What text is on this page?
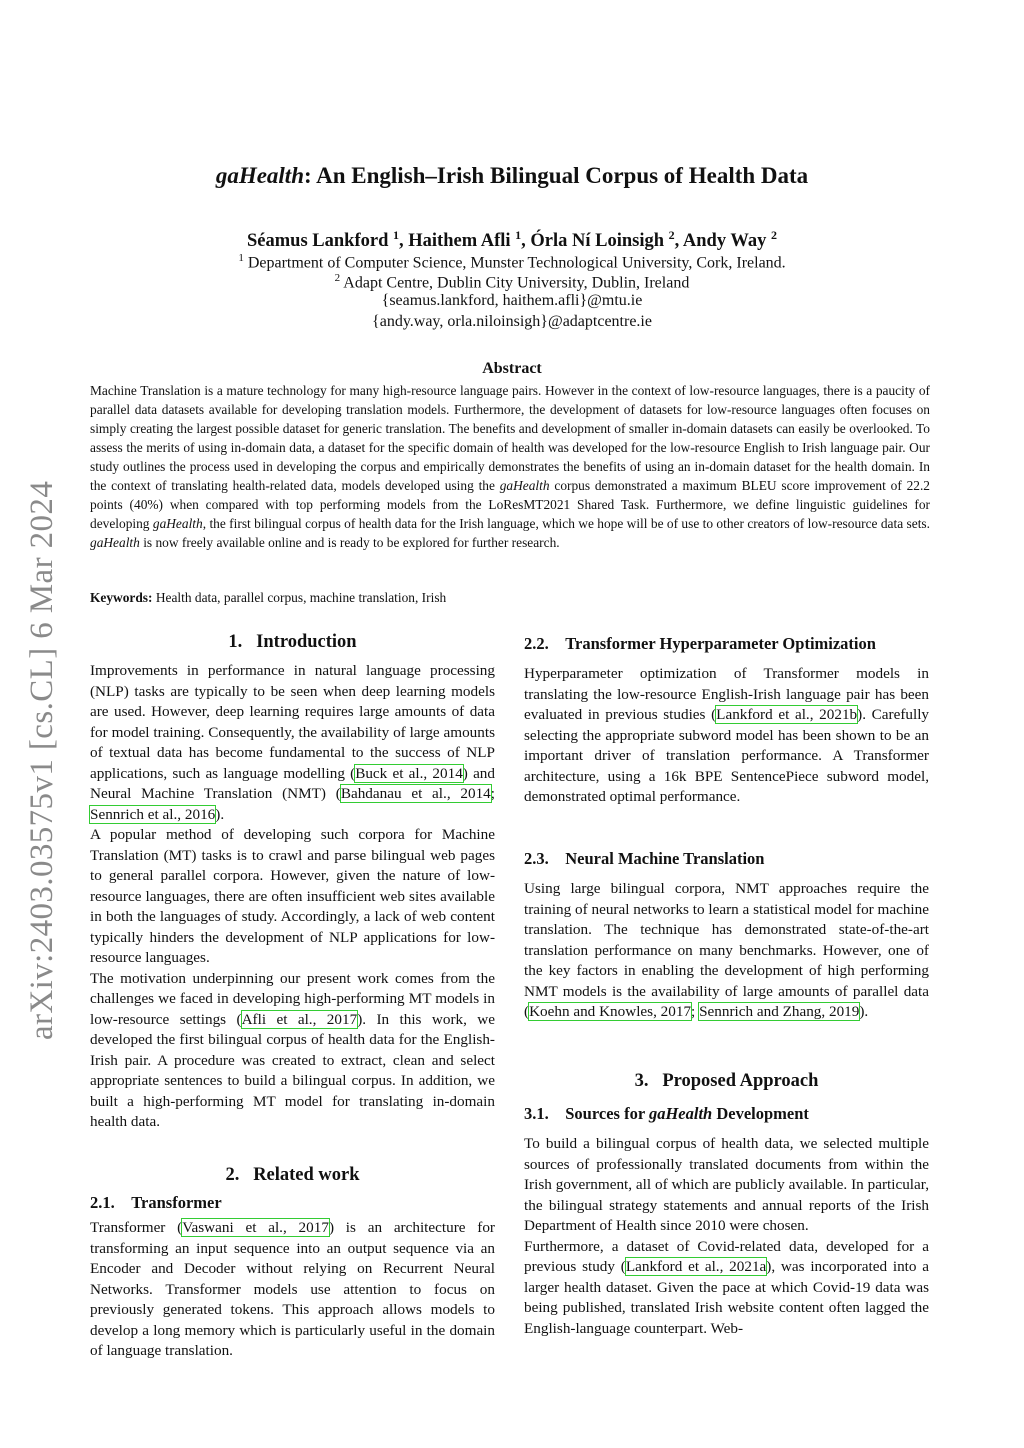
arXiv:2403.03575v1 [cs.CL] 6 Mar 2024
gaHealth: An English–Irish Bilingual Corpus of Health Data
Séamus Lankford $^1$, Haithem Afli $^1$, Órla Ní Loinsigh $^2$, Andy Way $^2$
$^1$ Department of Computer Science, Munster Technological University, Cork, Ireland.
$^2$ Adapt Centre, Dublin City University, Dublin, Ireland
{seamus.lankford, haithem.afli}@mtu.ie
{andy.way, orla.niloinsigh}@adaptcentre.ie
Abstract

Machine Translation is a mature technology for many high-resource language pairs. However in the context of low-resource languages, there is a paucity of parallel data datasets available for developing translation models. Furthermore, the development of datasets for low-resource languages often focuses on simply creating the largest possible dataset for generic translation. The benefits and development of smaller in-domain datasets can easily be overlooked. To assess the merits of using in-domain data, a dataset for the specific domain of health was developed for the low-resource English to Irish language pair. Our study outlines the process used in developing the corpus and empirically demonstrates the benefits of using an in-domain dataset for the health domain. In the context of translating health-related data, models developed using the gaHealth corpus demonstrated a maximum BLEU score improvement of 22.2 points (40%) when compared with top performing models from the LoResMT2021 Shared Task. Furthermore, we define linguistic guidelines for developing gaHealth, the first bilingual corpus of health data for the Irish language, which we hope will be of use to other creators of low-resource data sets. gaHealth is now freely available online and is ready to be explored for further research.

Keywords: Health data, parallel corpus, machine translation, Irish

1. Introduction

Improvements in performance in natural language processing (NLP) tasks are typically to be seen when deep learning models are used. However, deep learning requires large amounts of data for model training. Consequently, the availability of large amounts of textual data has become fundamental to the success of NLP applications, such as language modelling (Buck et al., 2014) and Neural Machine Translation (NMT) (Bahdanau et al., 2014; Sennrich et al., 2016).

A popular method of developing such corpora for Machine Translation (MT) tasks is to crawl and parse bilingual web pages to general parallel corpora. However, given the nature of low-resource languages, there are often insufficient web sites available in both the languages of study. Accordingly, a lack of web content typically hinders the development of NLP applications for low-resource languages.

The motivation underpinning our present work comes from the challenges we faced in developing high-performing MT models in low-resource settings (Afli et al., 2017). In this work, we developed the first bilingual corpus of health data for the English-Irish pair. A procedure was created to extract, clean and select appropriate sentences to build a bilingual corpus. In addition, we built a high-performing MT model for translating in-domain health data.

2. Related work
2.1. Transformer

Transformer (Vaswani et al., 2017) is an architecture for transforming an input sequence into an output sequence via an Encoder and Decoder without relying on Recurrent Neural Networks. Transformer models use attention to focus on previously generated tokens. This approach allows models to develop a long memory which is particularly useful in the domain of language translation.

2.2. Transformer Hyperparameter Optimization

Hyperparameter optimization of Transformer models in translating the low-resource English-Irish language pair has been evaluated in previous studies (Lankford et al., 2021b). Carefully selecting the appropriate subword model has been shown to be an important driver of translation performance. A Transformer architecture, using a 16k BPE SentencePiece subword model, demonstrated optimal performance.

2.3. Neural Machine Translation

Using large bilingual corpora, NMT approaches require the training of neural networks to learn a statistical model for machine translation. The technique has demonstrated state-of-the-art translation performance on many benchmarks. However, one of the key factors in enabling the development of high performing NMT models is the availability of large amounts of parallel data (Koehn and Knowles, 2017; Sennrich and Zhang, 2019).

3. Proposed Approach
3.1. Sources for gaHealth Development

To build a bilingual corpus of health data, we selected multiple sources of professionally translated documents from within the Irish government, all of which are publicly available. In particular, the bilingual strategy statements and annual reports of the Irish Department of Health since 2010 were chosen.

Furthermore, a dataset of Covid-related data, developed for a previous study (Lankford et al., 2021a), was incorporated into a larger health dataset. Given the pace at which Covid-19 data was being published, translated Irish website content often lagged the English-language counterpart. Web-
